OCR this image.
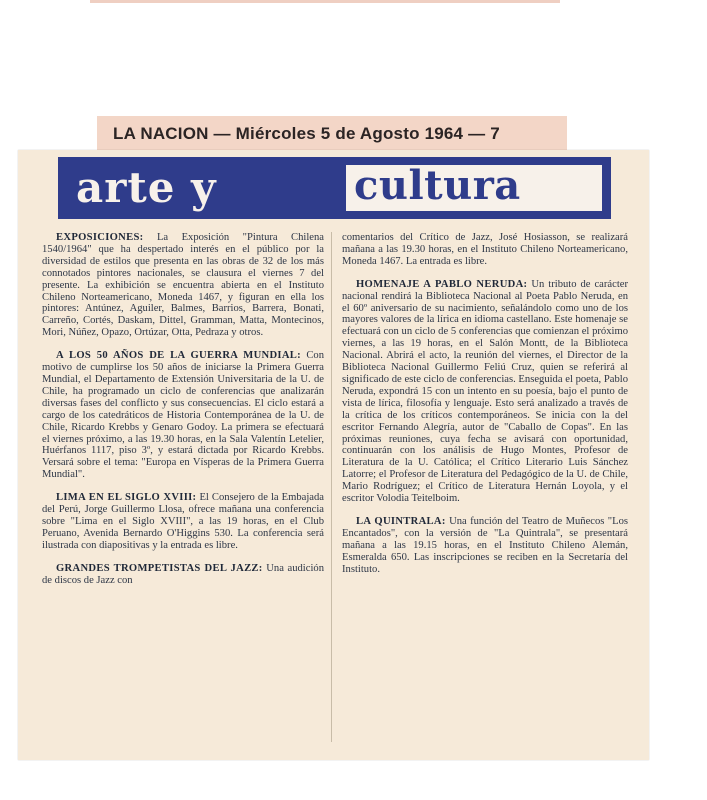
LA NACION — Miércoles 5 de Agosto 1964 — 7
arte y	cultura

EXPOSICIONES: La Exposición "Pintura Chilena 1540/1964" que ha despertado interés en el público por la diversidad de estilos que presenta en las obras de 32 de los más connotados pintores nacionales, se clausura el viernes 7 del presente. La exhibición se encuentra abierta en el Instituto Chileno Norteamericano, Moneda 1467, y figuran en ella los pintores: Antúnez, Aguiler, Balmes, Barrios, Barrera, Bonati, Carreño, Cortés, Daskam, Dittel, Gramman, Matta, Montecinos, Mori, Núñez, Opazo, Ortúzar, Otta, Pedraza y otros.

A LOS 50 AÑOS DE LA GUERRA MUNDIAL: Con motivo de cumplirse los 50 años de iniciarse la Primera Guerra Mundial, el Departamento de Extensión Universitaria de la U. de Chile, ha programado un ciclo de conferencias que analizarán diversas fases del conflicto y sus consecuencias. El ciclo estará a cargo de los catedráticos de Historia Contemporánea de la U. de Chile, Ricardo Krebbs y Genaro Godoy. La primera se efectuará el viernes próximo, a las 19.30 horas, en la Sala Valentín Letelier, Huérfanos 1117, piso 3º, y estará dictada por Ricardo Krebbs. Versará sobre el tema: "Europa en Vísperas de la Primera Guerra Mundial".

LIMA EN EL SIGLO XVIII: El Consejero de la Embajada del Perú, Jorge Guillermo Llosa, ofrece mañana una conferencia sobre "Lima en el Siglo XVIII", a las 19 horas, en el Club Peruano, Avenida Bernardo O'Higgins 530. La conferencia será ilustrada con diapositivas y la entrada es libre.

GRANDES TROMPETISTAS DEL JAZZ: Una audición de discos de Jazz con

comentarios del Crítico de Jazz, José Hosiasson, se realizará mañana a las 19.30 horas, en el Instituto Chileno Norteamericano, Moneda 1467. La entrada es libre.

HOMENAJE A PABLO NERUDA: Un tributo de carácter nacional rendirá la Biblioteca Nacional al Poeta Pablo Neruda, en el 60º aniversario de su nacimiento, señalándolo como uno de los mayores valores de la lírica en idioma castellano. Este homenaje se efectuará con un ciclo de 5 conferencias que comienzan el próximo viernes, a las 19 horas, en el Salón Montt, de la Biblioteca Nacional. Abrirá el acto, la reunión del viernes, el Director de la Biblioteca Nacional Guillermo Feliú Cruz, quien se referirá al significado de este ciclo de conferencias. Enseguida el poeta, Pablo Neruda, expondrá 15 con un intento en su poesía, bajo el punto de vista de lírica, filosofía y lenguaje. Esto será analizado a través de la crítica de los críticos contemporáneos. Se inicia con la del escritor Fernando Alegría, autor de "Caballo de Copas". En las próximas reuniones, cuya fecha se avisará con oportunidad, continuarán con los análisis de Hugo Montes, Profesor de Literatura de la U. Católica; el Crítico Literario Luis Sánchez Latorre; el Profesor de Literatura del Pedagógico de la U. de Chile, Mario Rodríguez; el Crítico de Literatura Hernán Loyola, y el escritor Volodia Teitelboim.

LA QUINTRALA: Una función del Teatro de Muñecos "Los Encantados", con la versión de "La Quintrala", se presentará mañana a las 19.15 horas, en el Instituto Chileno Alemán, Esmeralda 650. Las inscripciones se reciben en la Secretaría del Instituto.
